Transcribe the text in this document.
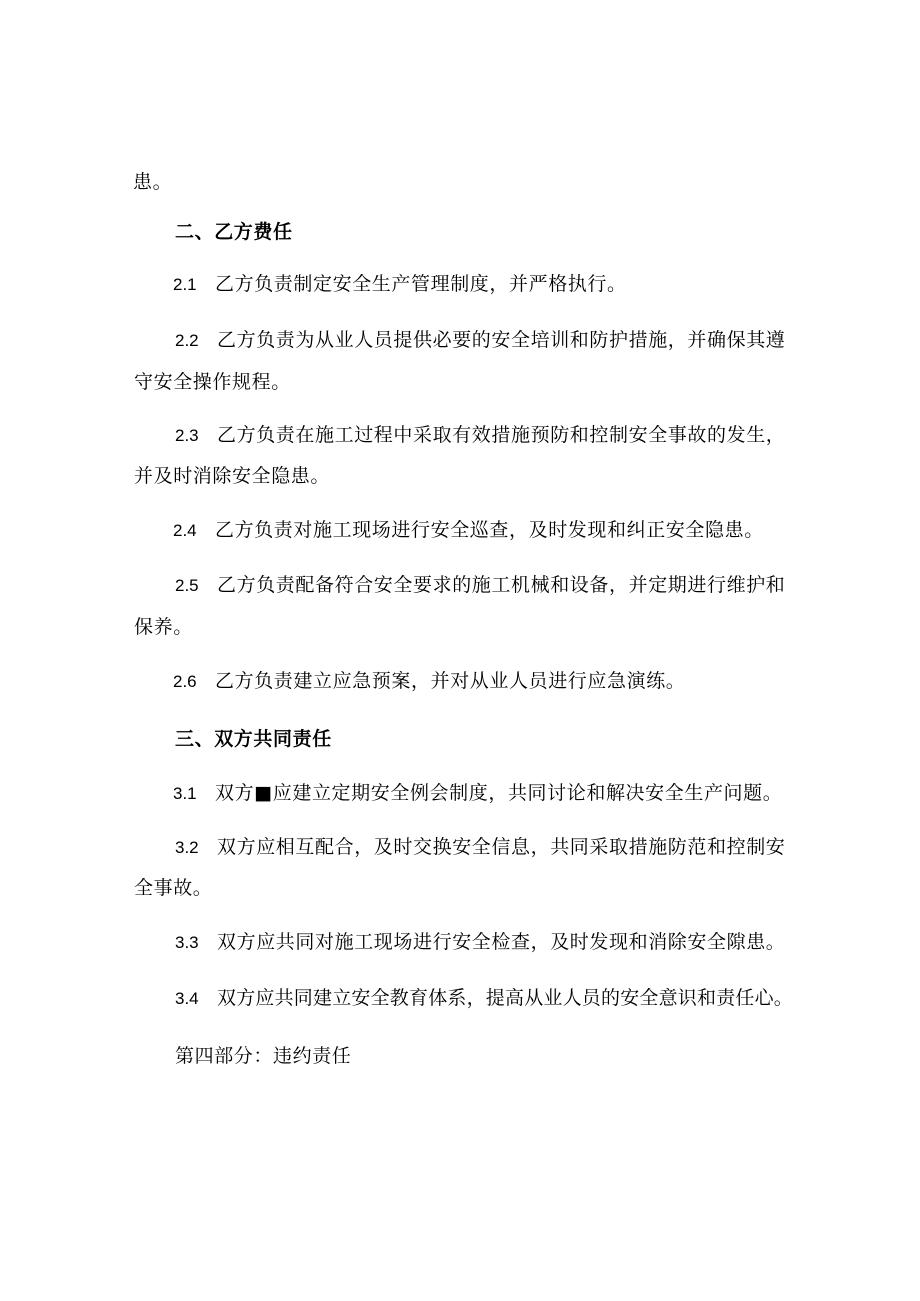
患。
二、乙方费任
2.1 乙方负责制定安全生产管理制度，并严格执行。
2.2 乙方负责为从业人员提供必要的安全培训和防护措施，并确保其遵
守安全操作规程。
2.3 乙方负责在施工过程中采取有效措施预防和控制安全事故的发生，
并及时消除安全隐患。
2.4 乙方负责对施工现场进行安全巡查，及时发现和纠正安全隐患。
2.5 乙方负责配备符合安全要求的施工机械和设备，并定期进行维护和
保养。
2.6 乙方负责建立应急预案，并对从业人员进行应急演练。
三、双方共同责任
3.1 双方■应建立定期安全例会制度，共同讨论和解决安全生产问题。
3.2 双方应相互配合，及时交换安全信息，共同采取措施防范和控制安
全事故。
3.3 双方应共同对施工现场进行安全检查，及时发现和消除安全隙患。
3.4 双方应共同建立安全教育体系，提高从业人员的安全意识和责任心。
第四部分：违约责任
